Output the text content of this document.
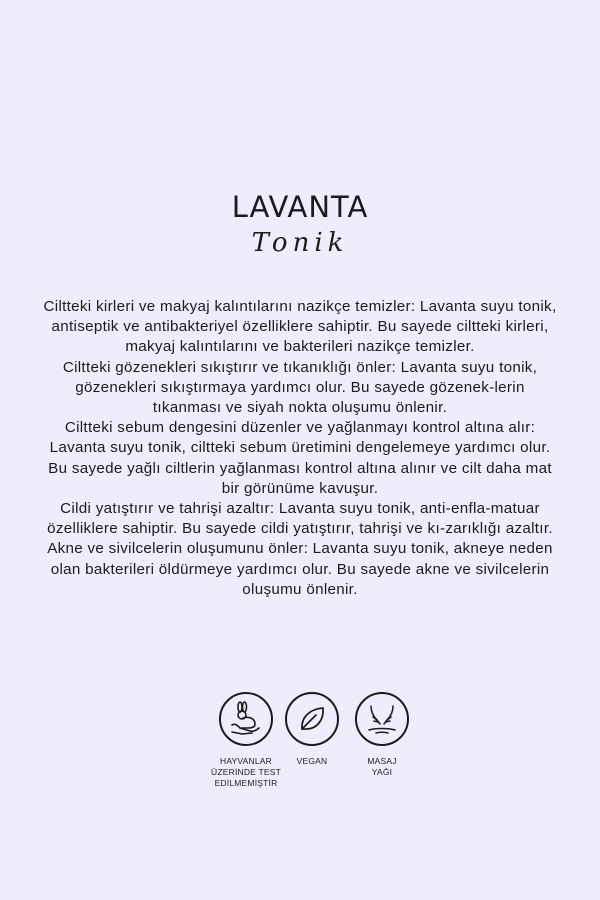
LAVANTA
Tonik

Ciltteki kirleri ve makyaj kalıntılarını nazikçe temizler: Lavanta suyu tonik, antiseptik ve antibakteriyel özelliklere sahiptir. Bu sayede ciltteki kirleri, makyaj kalıntılarını ve bakterileri nazikçe temizler.

Ciltteki gözenekleri sıkıştırır ve tıkanıklığı önler: Lavanta suyu tonik, gözenekleri sıkıştırmaya yardımcı olur. Bu sayede gözenek-lerin tıkanması ve siyah nokta oluşumu önlenir.

Ciltteki sebum dengesini düzenler ve yağlanmayı kontrol altına alır: Lavanta suyu tonik, ciltteki sebum üretimini dengelemeye yardımcı olur. Bu sayede yağlı ciltlerin yağlanması kontrol altına alınır ve cilt daha mat bir görünüme kavuşur.

Cildi yatıştırır ve tahrişi azaltır: Lavanta suyu tonik, anti-enfla-matuar özelliklere sahiptir. Bu sayede cildi yatıştırır, tahrişi ve kı-zarıklığı azaltır.

Akne ve sivilcelerin oluşumunu önler: Lavanta suyu tonik, akneye neden olan bakterileri öldürmeye yardımcı olur. Bu sayede akne ve sivilcelerin oluşumu önlenir.

HAYVANLAR
ÜZERİNDE TEST
EDİLMEMİŞTİR
VEGAN	MASAJ
YAĞI
